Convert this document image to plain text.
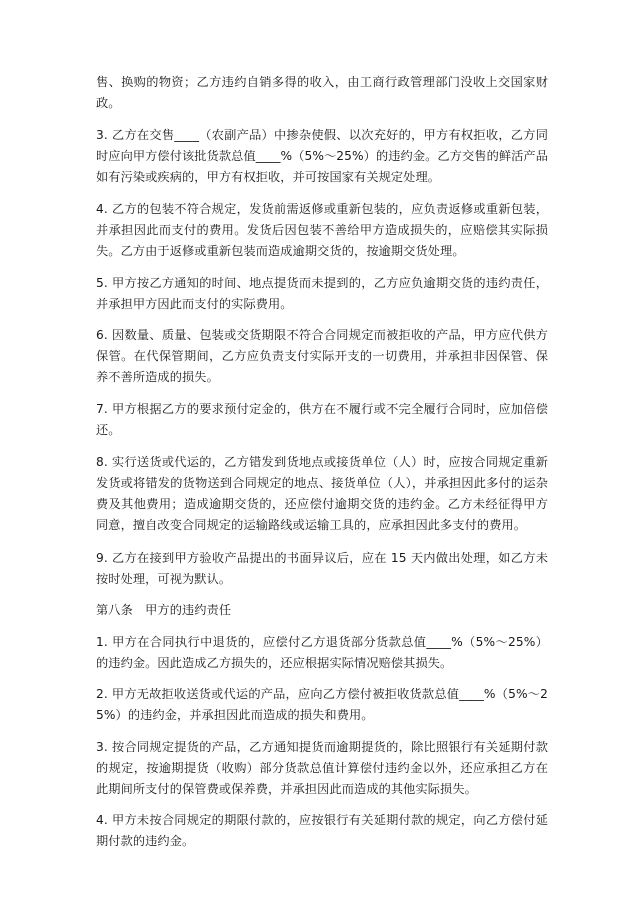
售、换购的物资；乙方违约自销多得的收入，由工商行政管理部门没收上交国家财政。

3. 乙方在交售____（农副产品）中掺杂使假、以次充好的，甲方有权拒收，乙方同时应向甲方偿付该批货款总值____%（5%～25%）的违约金。乙方交售的鲜活产品如有污染或疾病的，甲方有权拒收，并可按国家有关规定处理。

4. 乙方的包装不符合规定，发货前需返修或重新包装的，应负责返修或重新包装，并承担因此而支付的费用。发货后因包装不善给甲方造成损失的，应赔偿其实际损失。乙方由于返修或重新包装而造成逾期交货的，按逾期交货处理。

5. 甲方按乙方通知的时间、地点提货而未提到的，乙方应负逾期交货的违约责任，并承担甲方因此而支付的实际费用。

6. 因数量、质量、包装或交货期限不符合合同规定而被拒收的产品，甲方应代供方保管。在代保管期间，乙方应负责支付实际开支的一切费用，并承担非因保管、保养不善所造成的损失。

7. 甲方根据乙方的要求预付定金的，供方在不履行或不完全履行合同时，应加倍偿还。

8. 实行送货或代运的，乙方错发到货地点或接货单位（人）时，应按合同规定重新发货或将错发的货物送到合同规定的地点、接货单位（人），并承担因此多付的运杂费及其他费用；造成逾期交货的，还应偿付逾期交货的违约金。乙方未经征得甲方同意，擅自改变合同规定的运输路线或运输工具的，应承担因此多支付的费用。

9. 乙方在接到甲方验收产品提出的书面异议后，应在 15 天内做出处理，如乙方未按时处理，可视为默认。

第八条　甲方的违约责任

1. 甲方在合同执行中退货的，应偿付乙方退货部分货款总值____%（5%～25%）的违约金。因此造成乙方损失的，还应根据实际情况赔偿其损失。

2. 甲方无故拒收送货或代运的产品，应向乙方偿付被拒收货款总值____%（5%～25%）的违约金，并承担因此而造成的损失和费用。

3. 按合同规定提货的产品，乙方通知提货而逾期提货的，除比照银行有关延期付款的规定，按逾期提货（收购）部分货款总值计算偿付违约金以外，还应承担乙方在此期间所支付的保管费或保养费，并承担因此而造成的其他实际损失。

4. 甲方未按合同规定的期限付款的，应按银行有关延期付款的规定，向乙方偿付延期付款的违约金。
